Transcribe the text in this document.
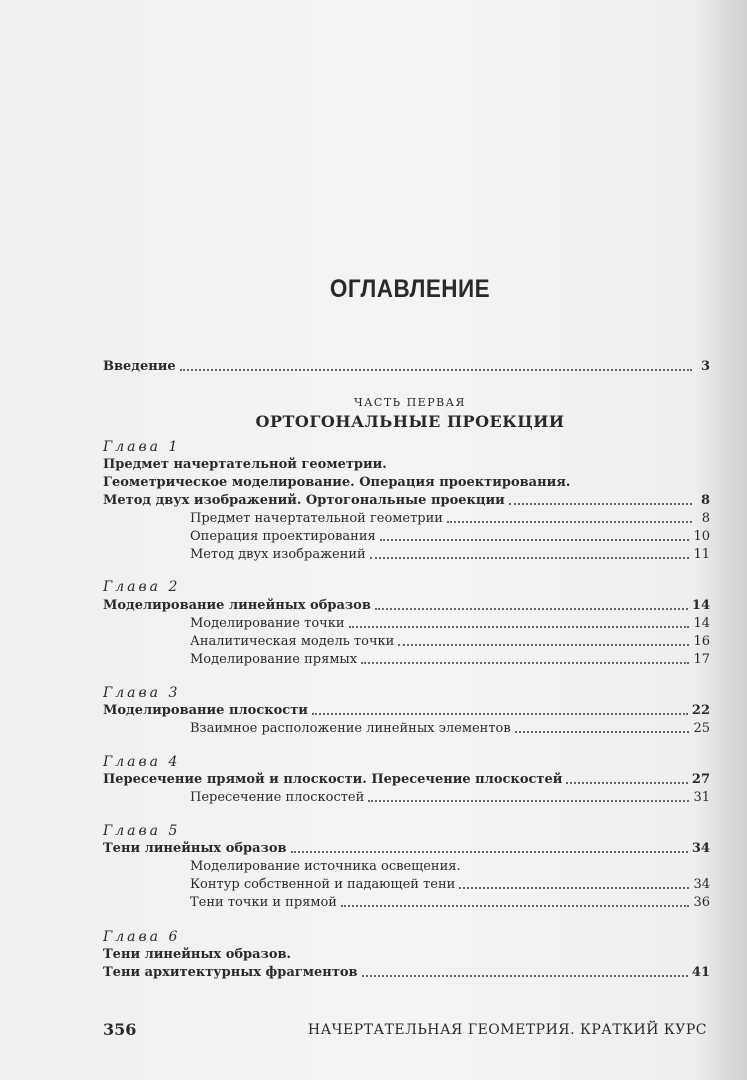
ОГЛАВЛЕНИЕ
Введение	3
ЧАСТЬ ПЕРВАЯ
ОРТОГОНАЛЬНЫЕ ПРОЕКЦИИ
Глава 1
Предмет начертательной геометрии.
Геометрическое моделирование. Операция проектирования.
Метод двух изображений. Ортогональные проекции	8
Предмет начертательной геометрии	8
Операция проектирования	10
Метод двух изображений	11
Глава 2
Моделирование линейных образов	14
Моделирование точки	14
Аналитическая модель точки	16
Моделирование прямых	17
Глава 3
Моделирование плоскости	22
Взаимное расположение линейных элементов	25
Глава 4
Пересечение прямой и плоскости. Пересечение плоскостей	27
Пересечение плоскостей	31
Глава 5
Тени линейных образов	34
Моделирование источника освещения.
Контур собственной и падающей тени	34
Тени точки и прямой	36
Глава 6
Тени линейных образов.
Тени архитектурных фрагментов	41
356	НАЧЕРТАТЕЛЬНАЯ ГЕОМЕТРИЯ. КРАТКИЙ КУРС
